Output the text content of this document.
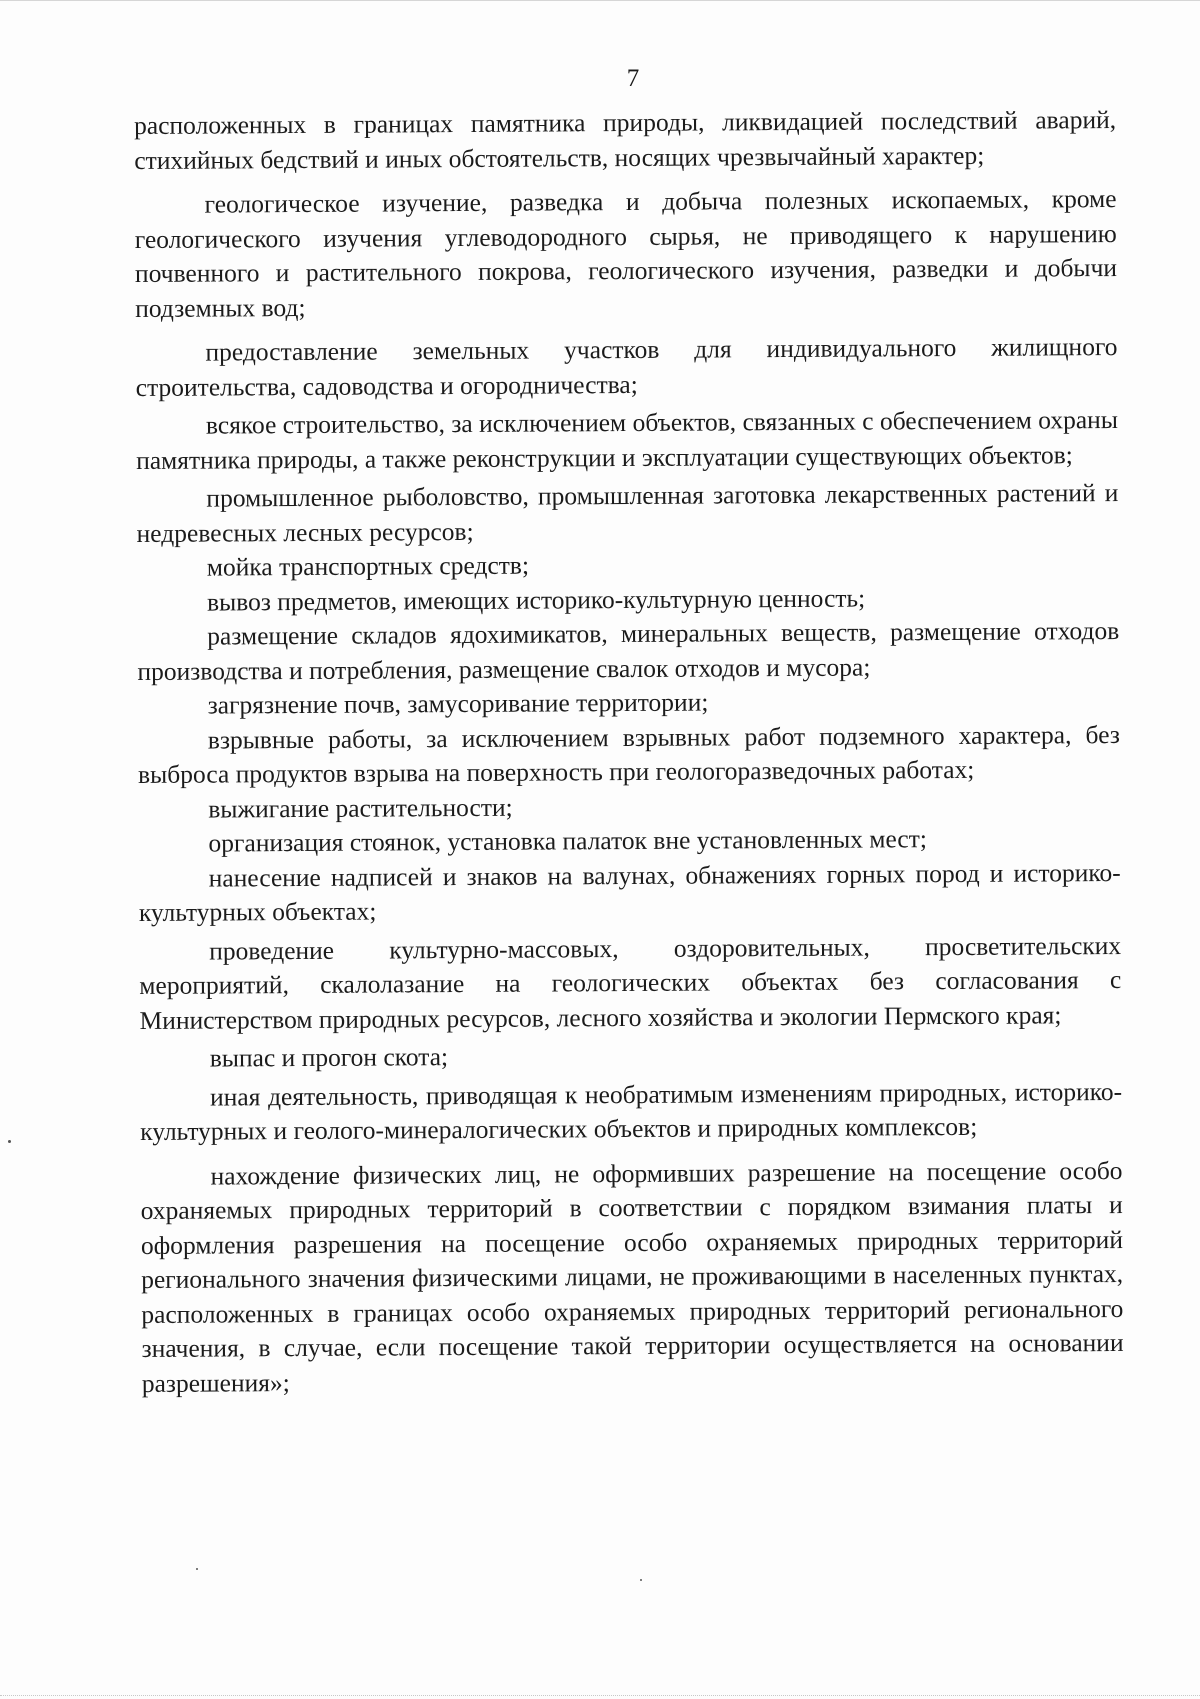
7

расположенных в границах памятника природы, ликвидацией последствий аварий, стихийных бедствий и иных обстоятельств, носящих чрезвычайный характер;

геологическое изучение, разведка и добыча полезных ископаемых, кроме геологического изучения углеводородного сырья, не приводящего к нарушению почвенного и растительного покрова, геологического изучения, разведки и добычи подземных вод;

предоставление земельных участков для индивидуального жилищного строительства, садоводства и огородничества;

всякое строительство, за исключением объектов, связанных с обеспечением охраны памятника природы, а также реконструкции и эксплуатации существующих объектов;

промышленное рыболовство, промышленная заготовка лекарственных растений и недревесных лесных ресурсов;

мойка транспортных средств;

вывоз предметов, имеющих историко-культурную ценность;

размещение складов ядохимикатов, минеральных веществ, размещение отходов производства и потребления, размещение свалок отходов и мусора;

загрязнение почв, замусоривание территории;

взрывные работы, за исключением взрывных работ подземного характера, без выброса продуктов взрыва на поверхность при геологоразведочных работах;

выжигание растительности;

организация стоянок, установка палаток вне установленных мест;

нанесение надписей и знаков на валунах, обнажениях горных пород и историко-культурных объектах;

проведение культурно-массовых, оздоровительных, просветительских мероприятий, скалолазание на геологических объектах без согласования с Министерством природных ресурсов, лесного хозяйства и экологии Пермского края;

выпас и прогон скота;

иная деятельность, приводящая к необратимым изменениям природных, историко-культурных и геолого-минералогических объектов и природных комплексов;

нахождение физических лиц, не оформивших разрешение на посещение особо охраняемых природных территорий в соответствии с порядком взимания платы и оформления разрешения на посещение особо охраняемых природных территорий регионального значения физическими лицами, не проживающими в населенных пунктах, расположенных в границах особо охраняемых природных территорий регионального значения, в случае, если посещение такой территории осуществляется на основании разрешения»;
